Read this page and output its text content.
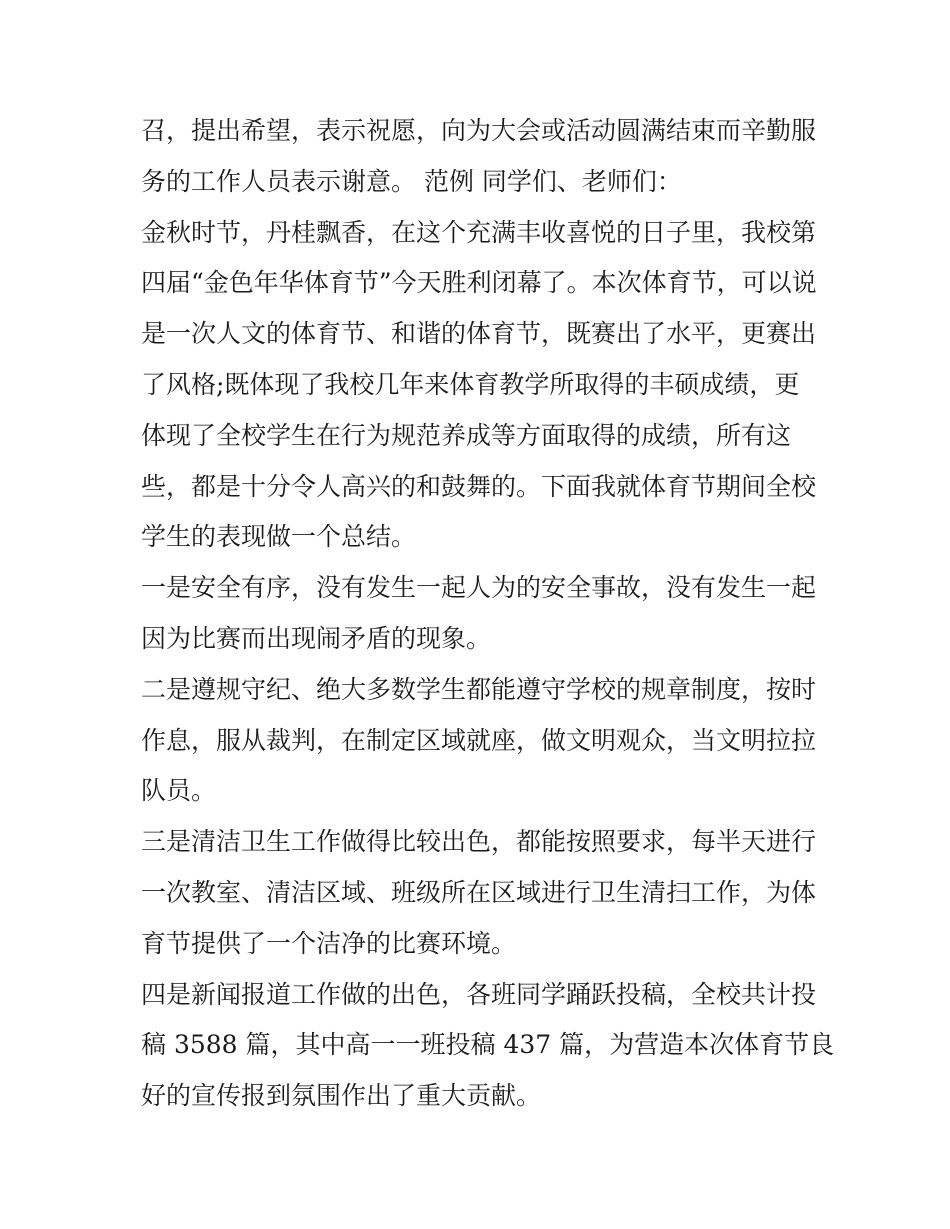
召，提出希望，表示祝愿，向为大会或活动圆满结束而辛勤服
务的工作人员表示谢意。 范例 同学们、老师们：
金秋时节，丹桂飘香，在这个充满丰收喜悦的日子里，我校第
四届“金色年华体育节”今天胜利闭幕了。本次体育节，可以说
是一次人文的体育节、和谐的体育节，既赛出了水平，更赛出
了风格;既体现了我校几年来体育教学所取得的丰硕成绩，更
体现了全校学生在行为规范养成等方面取得的成绩，所有这
些，都是十分令人高兴的和鼓舞的。下面我就体育节期间全校
学生的表现做一个总结。
一是安全有序，没有发生一起人为的安全事故，没有发生一起
因为比赛而出现闹矛盾的现象。
二是遵规守纪、绝大多数学生都能遵守学校的规章制度，按时
作息，服从裁判，在制定区域就座，做文明观众，当文明拉拉
队员。
三是清洁卫生工作做得比较出色，都能按照要求，每半天进行
一次教室、清洁区域、班级所在区域进行卫生清扫工作，为体
育节提供了一个洁净的比赛环境。
四是新闻报道工作做的出色，各班同学踊跃投稿，全校共计投
稿 3588 篇，其中高一一班投稿 437 篇，为营造本次体育节良
好的宣传报到氛围作出了重大贡献。
